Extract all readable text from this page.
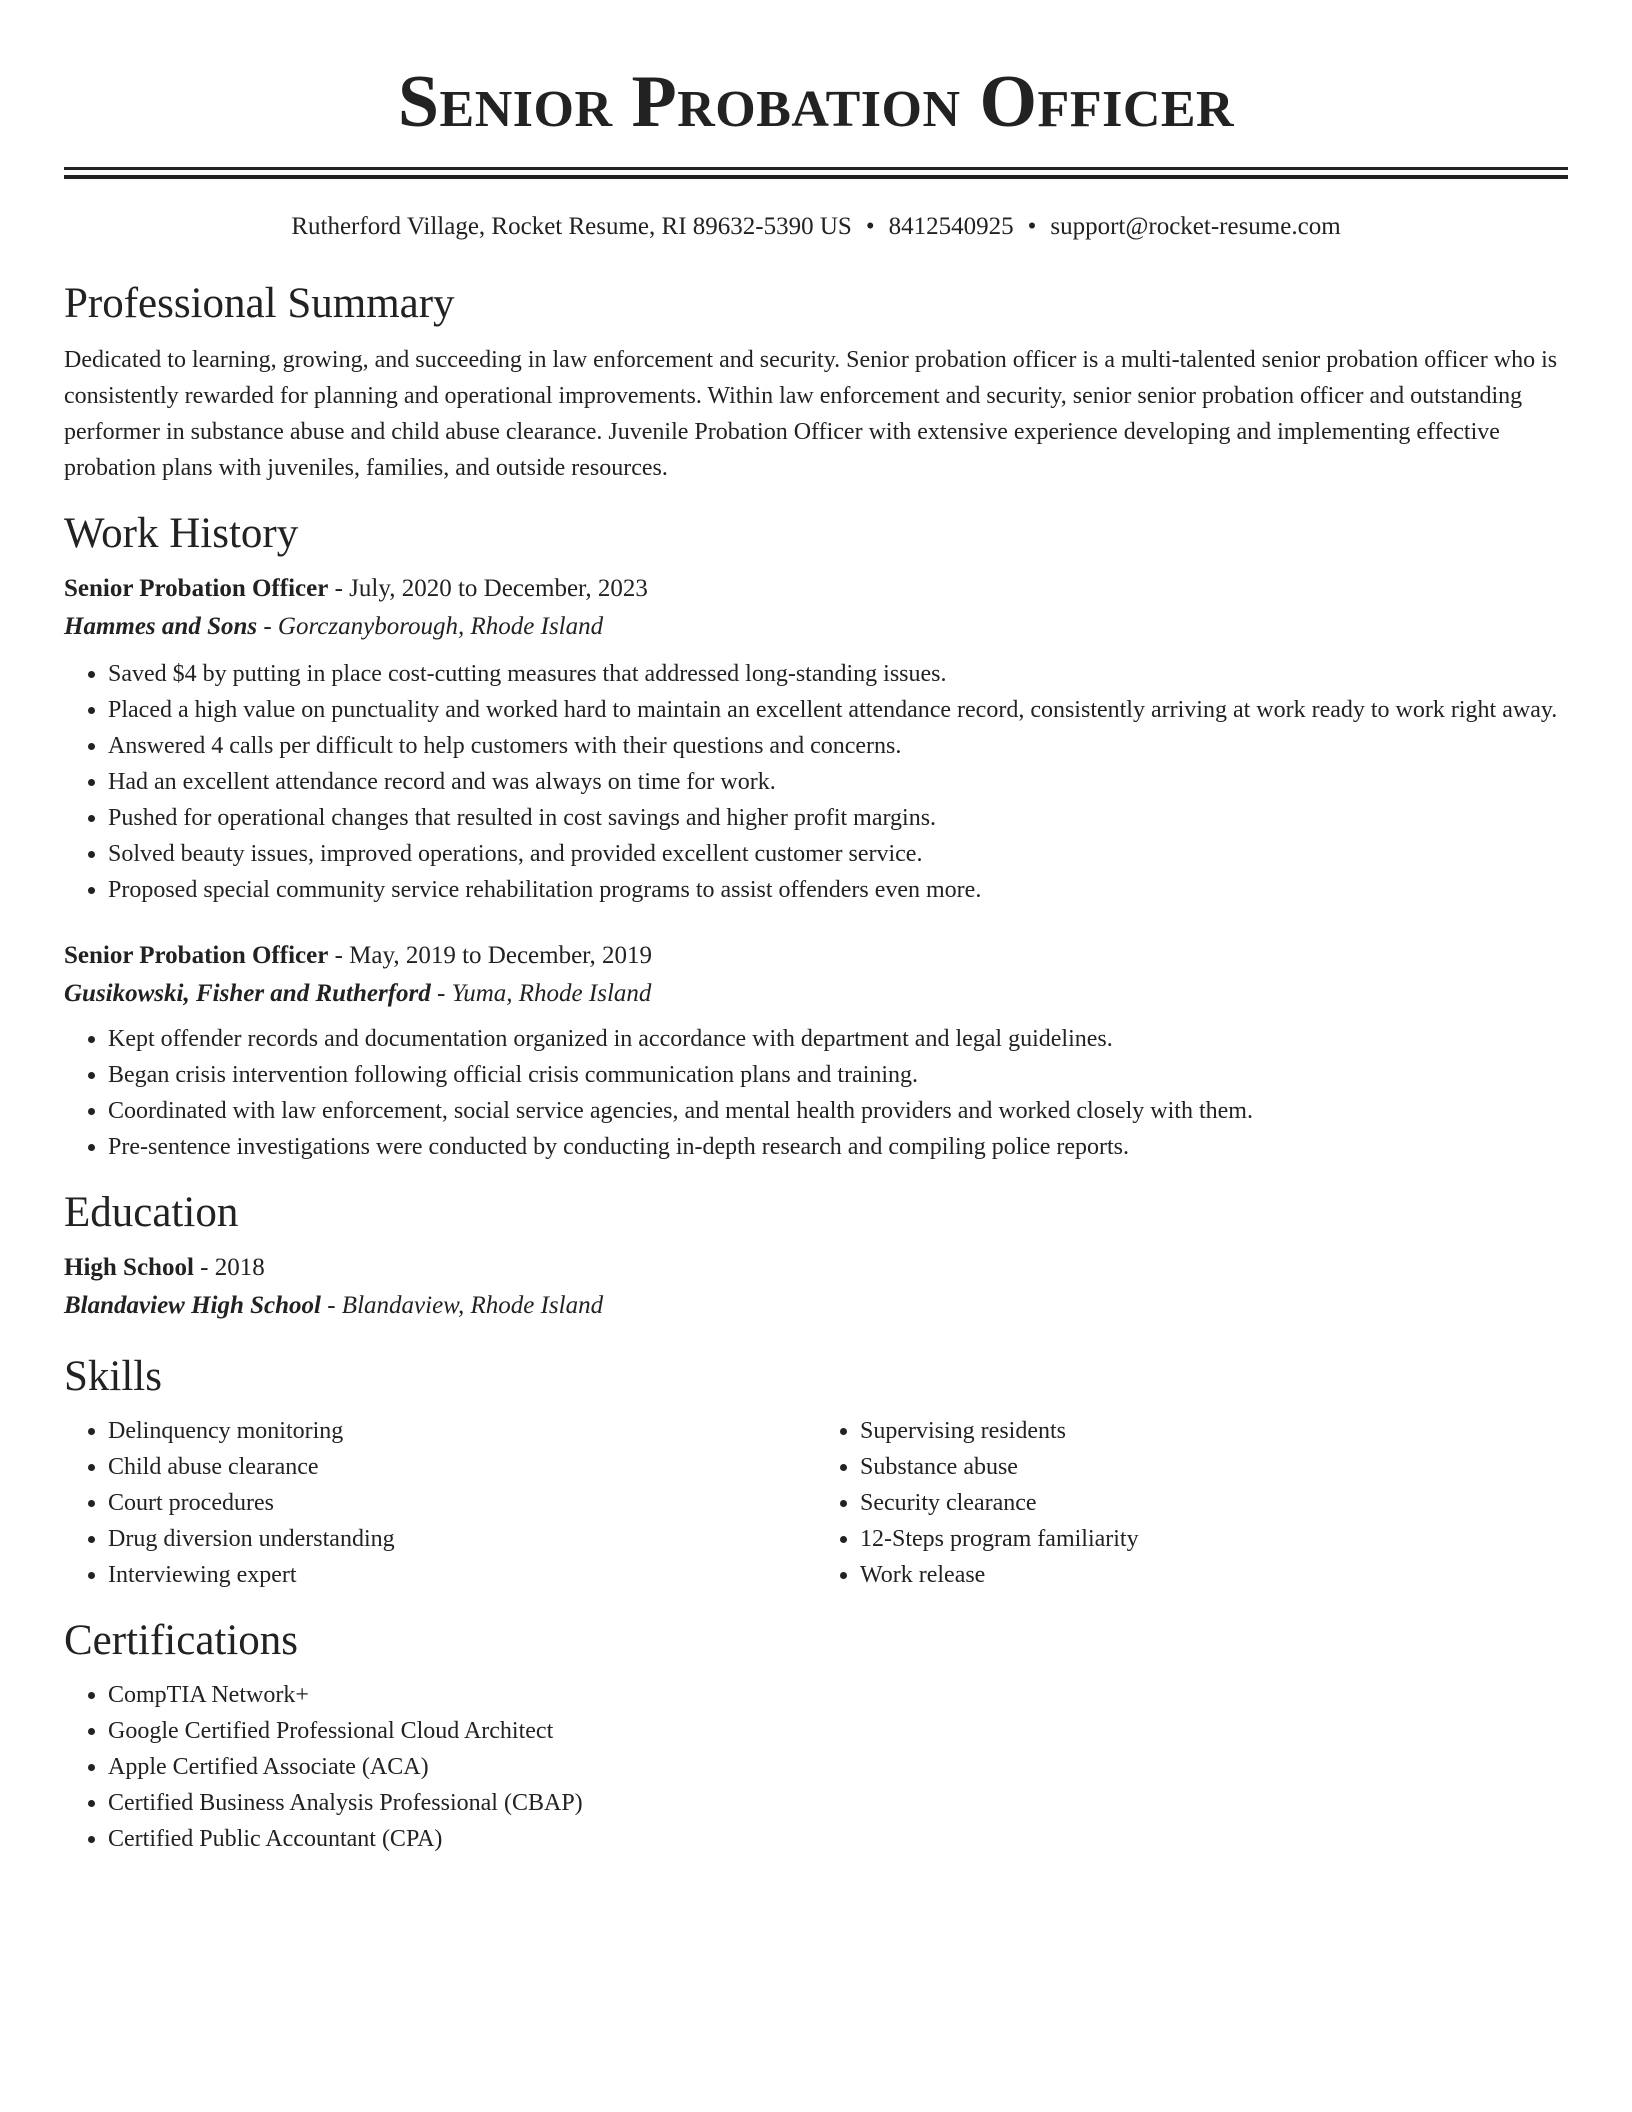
Senior Probation Officer
Rutherford Village, Rocket Resume, RI 89632-5390 US • 8412540925 • support@rocket-resume.com
Professional Summary

Dedicated to learning, growing, and succeeding in law enforcement and security. Senior probation officer is a multi-talented senior probation officer who is consistently rewarded for planning and operational improvements. Within law enforcement and security, senior senior probation officer and outstanding performer in substance abuse and child abuse clearance. Juvenile Probation Officer with extensive experience developing and implementing effective probation plans with juveniles, families, and outside resources.

Work History
Senior Probation Officer - July, 2020 to December, 2023
Hammes and Sons - Gorczanyborough, Rhode Island
• Saved $4 by putting in place cost-cutting measures that addressed long-standing issues.
• Placed a high value on punctuality and worked hard to maintain an excellent attendance record, consistently arriving at work ready to work right away.
• Answered 4 calls per difficult to help customers with their questions and concerns.
• Had an excellent attendance record and was always on time for work.
• Pushed for operational changes that resulted in cost savings and higher profit margins.
• Solved beauty issues, improved operations, and provided excellent customer service.
• Proposed special community service rehabilitation programs to assist offenders even more.
Senior Probation Officer - May, 2019 to December, 2019
Gusikowski, Fisher and Rutherford - Yuma, Rhode Island
• Kept offender records and documentation organized in accordance with department and legal guidelines.
• Began crisis intervention following official crisis communication plans and training.
• Coordinated with law enforcement, social service agencies, and mental health providers and worked closely with them.
• Pre-sentence investigations were conducted by conducting in-depth research and compiling police reports.
Education
High School - 2018
Blandaview High School - Blandaview, Rhode Island
Skills
• Delinquency monitoring
• Child abuse clearance
• Court procedures
• Drug diversion understanding
• Interviewing expert
• Supervising residents
• Substance abuse
• Security clearance
• 12-Steps program familiarity
• Work release
Certifications
• CompTIA Network+
• Google Certified Professional Cloud Architect
• Apple Certified Associate (ACA)
• Certified Business Analysis Professional (CBAP)
• Certified Public Accountant (CPA)
